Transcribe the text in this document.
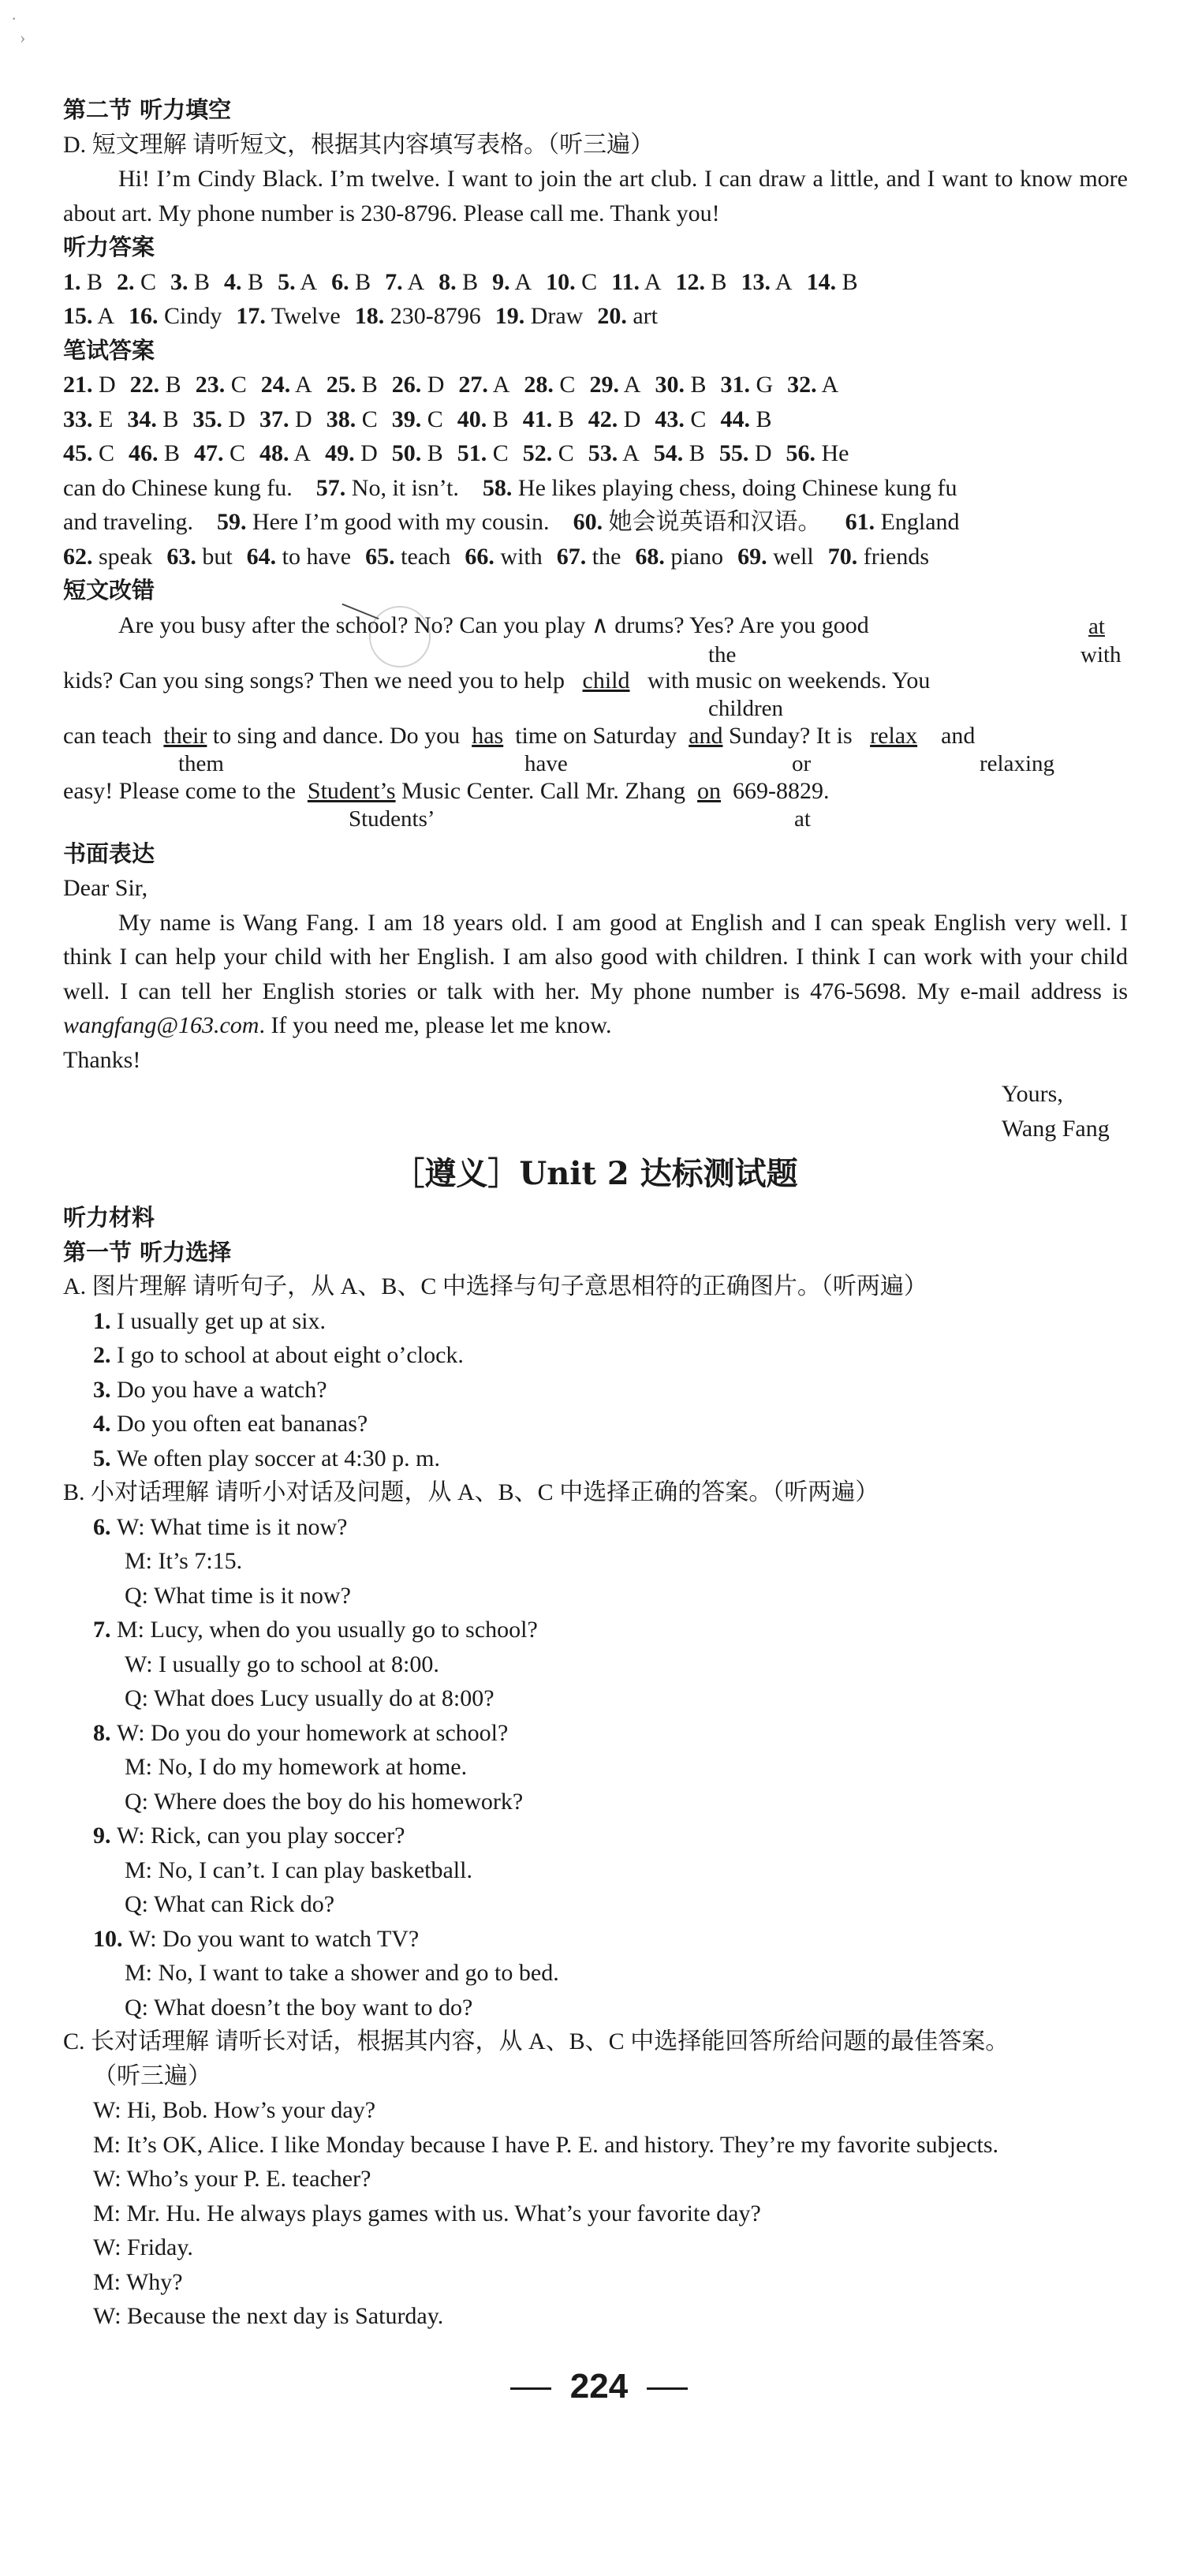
·
›
第二节 听力填空
D. 短文理解 请听短文，根据其内容填写表格。（听三遍）
Hi! I’m Cindy Black. I’m twelve. I want to join the art club. I can draw a little, and I want to know more about art. My phone number is 230-8796. Please call me. Thank you!
听力答案
1. B 2. C 3. B 4. B 5. A 6. B 7. A 8. B 9. A 10. C 11. A 12. B 13. A 14. B
15. A 16. Cindy 17. Twelve 18. 230-8796 19. Draw 20. art
笔试答案
21. D 22. B 23. C 24. A 25. B 26. D 27. A 28. C 29. A 30. B 31. G 32. A
33. E 34. B 35. D 37. D 38. C 39. C 40. B 41. B 42. D 43. C 44. B
45. C 46. B 47. C 48. A 49. D 50. B 51. C 52. C 53. A 54. B 55. D 56. He
can do Chinese kung fu. 57. No, it isn’t. 58. He likes playing chess, doing Chinese kung fu
and traveling. 59. Here I’m good with my cousin. 60. 她会说英语和汉语。 61. England
62. speak 63. but 64. to have 65. teach 66. with 67. the 68. piano 69. well 70. friends
短文改错
Are you busy after the school? No? Can you play ∧ drums? Yes? Are you good	at
the	with
kids? Can you sing songs? Then we need you to help child with music on weekends. You
children
can teach their to sing and dance. Do you has time on Saturday and Sunday? It is relax and
them	have	or	relaxing
easy! Please come to the Student’s Music Center. Call Mr. Zhang on 669-8829.
Students’	at
书面表达
Dear Sir,
My name is Wang Fang. I am 18 years old. I am good at English and I can speak English very well. I think I can help your child with her English. I am also good with children. I think I can work with your child well. I can tell her English stories or talk with her. My phone number is 476-5698. My e-mail address is wangfang@163.com. If you need me, please let me know.
Thanks!
Yours,
Wang Fang
［遵义］Unit 2 达标测试题
听力材料
第一节 听力选择
A. 图片理解 请听句子，从 A、B、C 中选择与句子意思相符的正确图片。（听两遍）
1. I usually get up at six.
2. I go to school at about eight o’clock.
3. Do you have a watch?
4. Do you often eat bananas?
5. We often play soccer at 4:30 p. m.
B. 小对话理解 请听小对话及问题，从 A、B、C 中选择正确的答案。（听两遍）
6. W: What time is it now?
M: It’s 7:15.
Q: What time is it now?
7. M: Lucy, when do you usually go to school?
W: I usually go to school at 8:00.
Q: What does Lucy usually do at 8:00?
8. W: Do you do your homework at school?
M: No, I do my homework at home.
Q: Where does the boy do his homework?
9. W: Rick, can you play soccer?
M: No, I can’t. I can play basketball.
Q: What can Rick do?
10. W: Do you want to watch TV?
M: No, I want to take a shower and go to bed.
Q: What doesn’t the boy want to do?
C. 长对话理解 请听长对话，根据其内容，从 A、B、C 中选择能回答所给问题的最佳答案。
（听三遍）
W: Hi, Bob. How’s your day?
M: It’s OK, Alice. I like Monday because I have P. E. and history. They’re my favorite subjects.
W: Who’s your P. E. teacher?
M: Mr. Hu. He always plays games with us. What’s your favorite day?
W: Friday.
M: Why?
W: Because the next day is Saturday.
224
